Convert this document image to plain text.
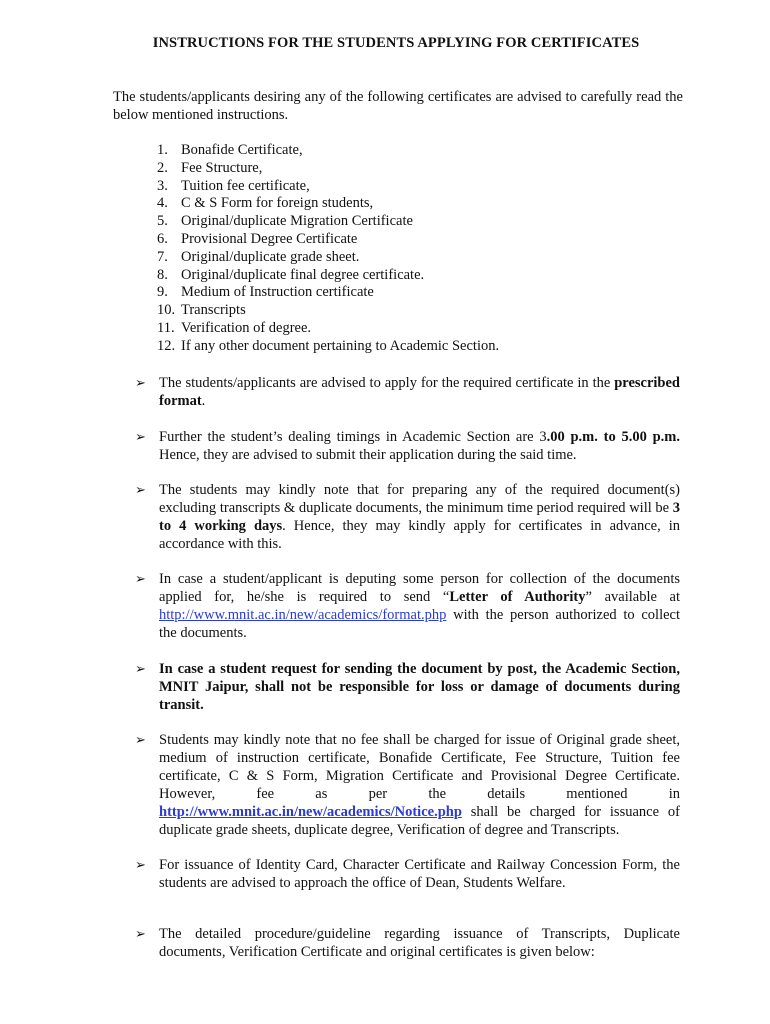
INSTRUCTIONS FOR THE STUDENTS APPLYING FOR CERTIFICATES
The students/applicants desiring any of the following certificates are advised to carefully read the below mentioned instructions.
1. Bonafide Certificate,
2. Fee Structure,
3. Tuition fee certificate,
4. C & S Form for foreign students,
5. Original/duplicate Migration Certificate
6. Provisional Degree Certificate
7. Original/duplicate grade sheet.
8. Original/duplicate final degree certificate.
9. Medium of Instruction certificate
10. Transcripts
11. Verification of degree.
12. If any other document pertaining to Academic Section.
➢ The students/applicants are advised to apply for the required certificate in the prescribed format.
➢ Further the student’s dealing timings in Academic Section are 3.00 p.m. to 5.00 p.m. Hence, they are advised to submit their application during the said time.
➢ The students may kindly note that for preparing any of the required document(s) excluding transcripts & duplicate documents, the minimum time period required will be 3 to 4 working days. Hence, they may kindly apply for certificates in advance, in accordance with this.
➢ In case a student/applicant is deputing some person for collection of the documents applied for, he/she is required to send “Letter of Authority” available at http://www.mnit.ac.in/new/academics/format.php with the person authorized to collect the documents.
➢ In case a student request for sending the document by post, the Academic Section, MNIT Jaipur, shall not be responsible for loss or damage of documents during transit.
➢ Students may kindly note that no fee shall be charged for issue of Original grade sheet, medium of instruction certificate, Bonafide Certificate, Fee Structure, Tuition fee certificate, C & S Form, Migration Certificate and Provisional Degree Certificate. However, fee as per the details mentioned in http://www.mnit.ac.in/new/academics/Notice.php shall be charged for issuance of duplicate grade sheets, duplicate degree, Verification of degree and Transcripts.
➢ For issuance of Identity Card, Character Certificate and Railway Concession Form, the students are advised to approach the office of Dean, Students Welfare.
➢ The detailed procedure/guideline regarding issuance of Transcripts, Duplicate documents, Verification Certificate and original certificates is given below:
